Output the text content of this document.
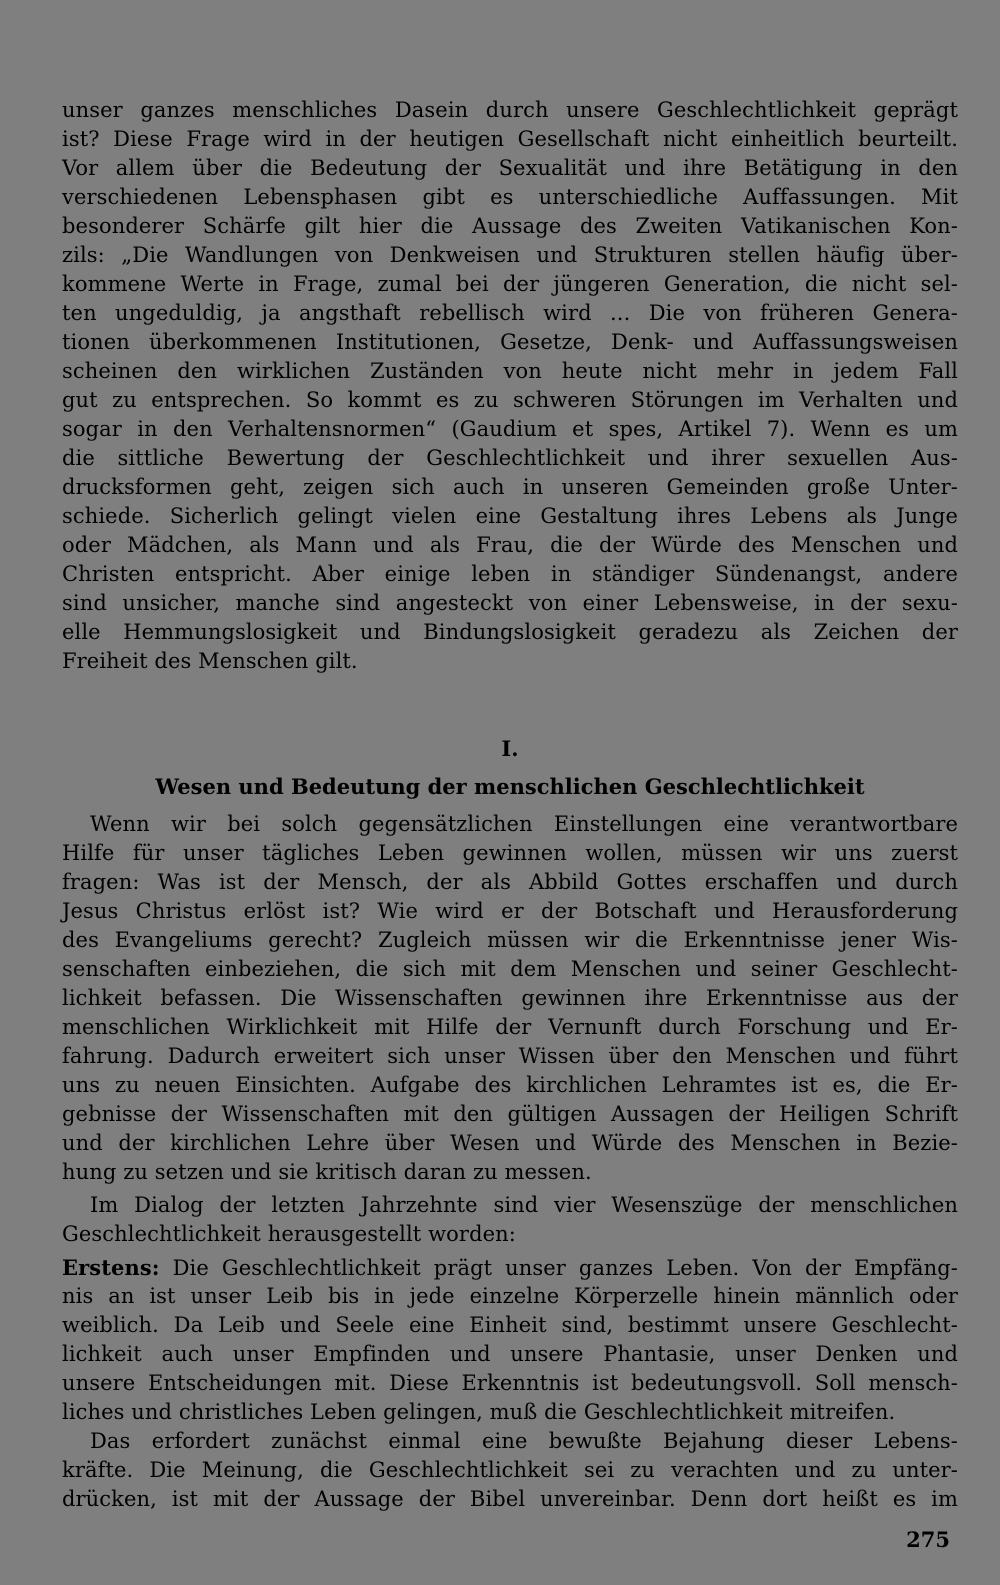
unser ganzes menschliches Dasein durch unsere Geschlechtlichkeit geprägt
ist? Diese Frage wird in der heutigen Gesellschaft nicht einheitlich beurteilt.
Vor allem über die Bedeutung der Sexualität und ihre Betätigung in den
verschiedenen Lebensphasen gibt es unterschiedliche Auffassungen. Mit
besonderer Schärfe gilt hier die Aussage des Zweiten Vatikanischen Kon-
zils: „Die Wandlungen von Denkweisen und Strukturen stellen häufig über-
kommene Werte in Frage, zumal bei der jüngeren Generation, die nicht sel-
ten ungeduldig, ja angsthaft rebellisch wird ... Die von früheren Genera-
tionen überkommenen Institutionen, Gesetze, Denk- und Auffassungsweisen
scheinen den wirklichen Zuständen von heute nicht mehr in jedem Fall
gut zu entsprechen. So kommt es zu schweren Störungen im Verhalten und
sogar in den Verhaltensnormen“ (Gaudium et spes, Artikel 7). Wenn es um
die sittliche Bewertung der Geschlechtlichkeit und ihrer sexuellen Aus-
drucksformen geht, zeigen sich auch in unseren Gemeinden große Unter-
schiede. Sicherlich gelingt vielen eine Gestaltung ihres Lebens als Junge
oder Mädchen, als Mann und als Frau, die der Würde des Menschen und
Christen entspricht. Aber einige leben in ständiger Sündenangst, andere
sind unsicher, manche sind angesteckt von einer Lebensweise, in der sexu-
elle Hemmungslosigkeit und Bindungslosigkeit geradezu als Zeichen der
Freiheit des Menschen gilt.
I.
Wesen und Bedeutung der menschlichen Geschlechtlichkeit
Wenn wir bei solch gegensätzlichen Einstellungen eine verantwortbare
Hilfe für unser tägliches Leben gewinnen wollen, müssen wir uns zuerst
fragen: Was ist der Mensch, der als Abbild Gottes erschaffen und durch
Jesus Christus erlöst ist? Wie wird er der Botschaft und Herausforderung
des Evangeliums gerecht? Zugleich müssen wir die Erkenntnisse jener Wis-
senschaften einbeziehen, die sich mit dem Menschen und seiner Geschlecht-
lichkeit befassen. Die Wissenschaften gewinnen ihre Erkenntnisse aus der
menschlichen Wirklichkeit mit Hilfe der Vernunft durch Forschung und Er-
fahrung. Dadurch erweitert sich unser Wissen über den Menschen und führt
uns zu neuen Einsichten. Aufgabe des kirchlichen Lehramtes ist es, die Er-
gebnisse der Wissenschaften mit den gültigen Aussagen der Heiligen Schrift
und der kirchlichen Lehre über Wesen und Würde des Menschen in Bezie-
hung zu setzen und sie kritisch daran zu messen.
Im Dialog der letzten Jahrzehnte sind vier Wesenszüge der menschlichen
Geschlechtlichkeit herausgestellt worden:
Erstens: Die Geschlechtlichkeit prägt unser ganzes Leben. Von der Empfäng-
nis an ist unser Leib bis in jede einzelne Körperzelle hinein männlich oder
weiblich. Da Leib und Seele eine Einheit sind, bestimmt unsere Geschlecht-
lichkeit auch unser Empfinden und unsere Phantasie, unser Denken und
unsere Entscheidungen mit. Diese Erkenntnis ist bedeutungsvoll. Soll mensch-
liches und christliches Leben gelingen, muß die Geschlechtlichkeit mitreifen.
Das erfordert zunächst einmal eine bewußte Bejahung dieser Lebens-
kräfte. Die Meinung, die Geschlechtlichkeit sei zu verachten und zu unter-
drücken, ist mit der Aussage der Bibel unvereinbar. Denn dort heißt es im
275
